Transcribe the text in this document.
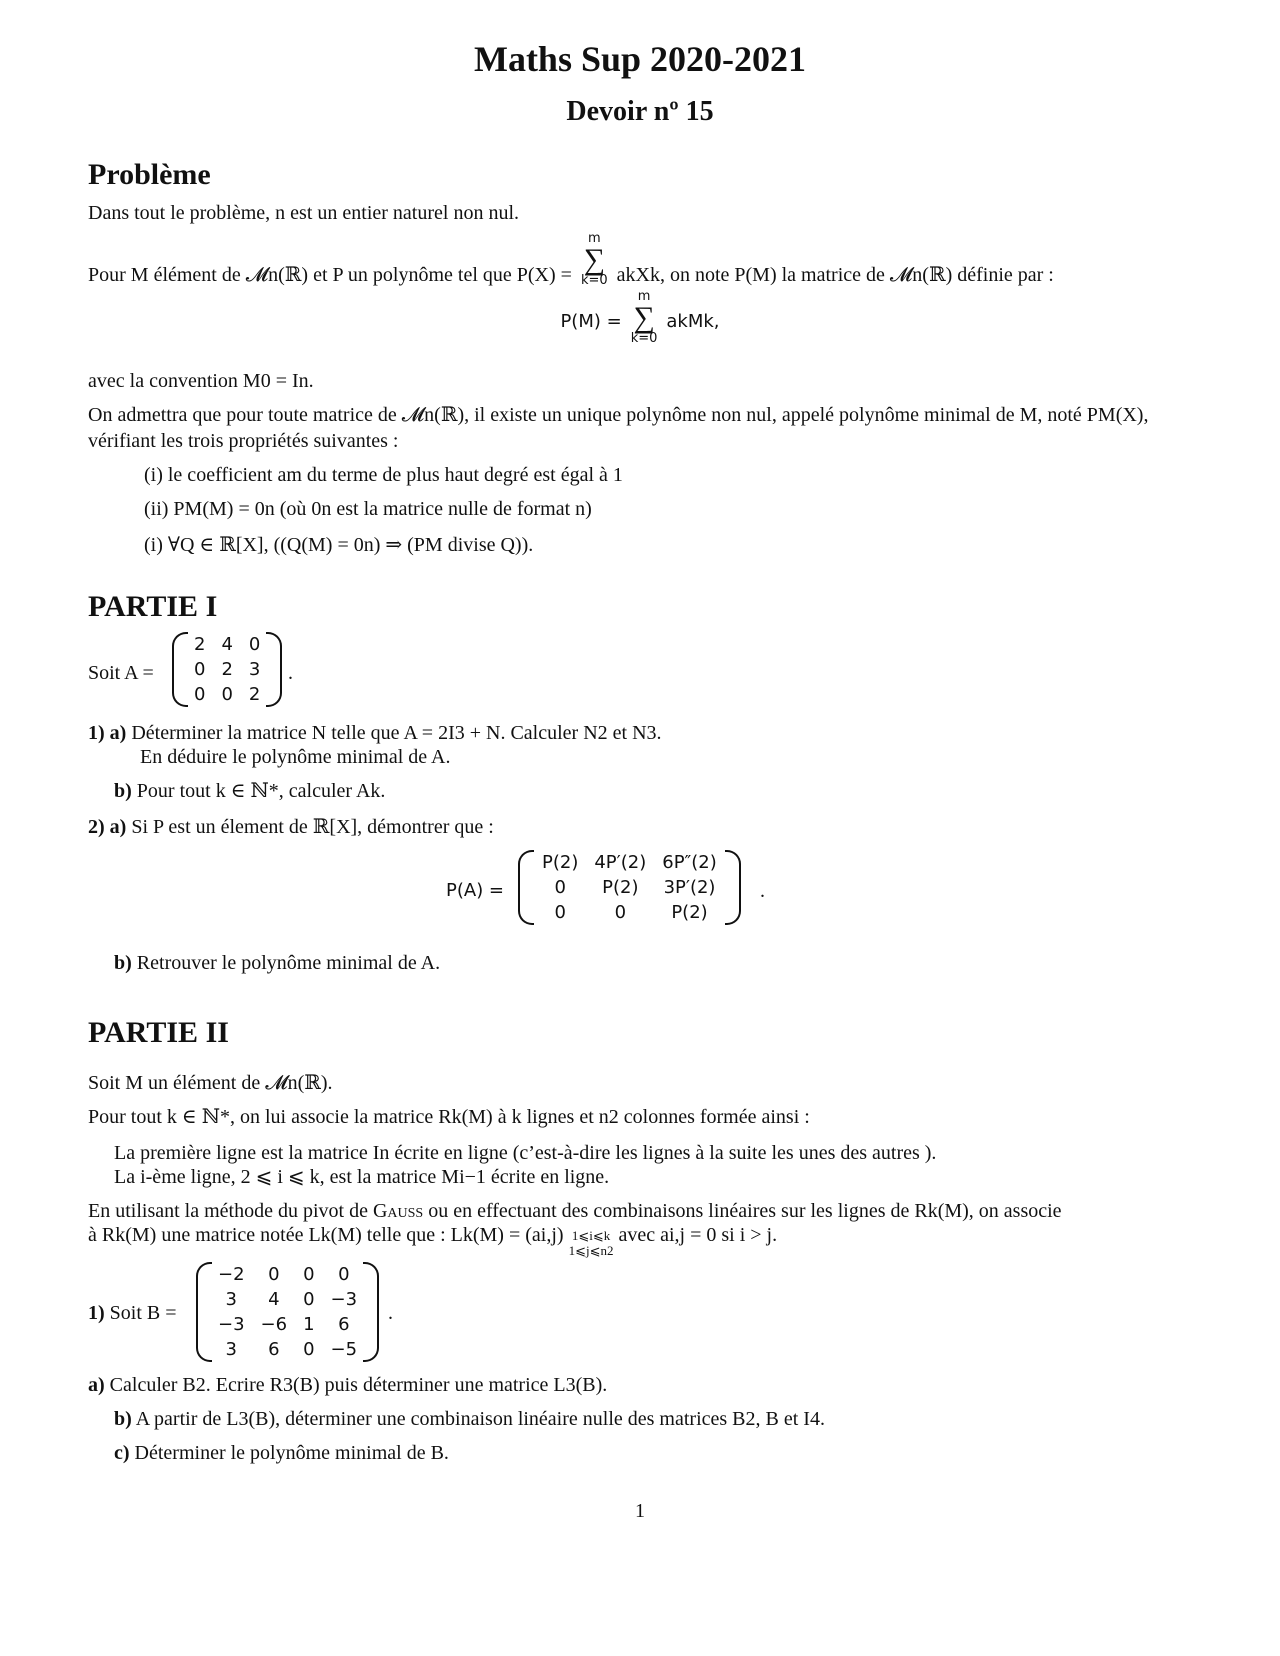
Maths Sup 2020-2021
Devoir nº 15
Problème
Dans tout le problème, n est un entier naturel non nul.
Pour M élément de 𝓜n(ℝ) et P un polynôme tel que P(X) =
m
∑
k=0 akXk, on note P(M) la matrice de 𝓜n(ℝ) définie par :
P(M) =
m
∑
k=0
akMk,
avec la convention M0 = In.
On admettra que pour toute matrice de 𝓜n(ℝ), il existe un unique polynôme non nul, appelé polynôme minimal de M, noté PM(X), vérifiant les trois propriétés suivantes :
(i) le coefficient am du terme de plus haut degré est égal à 1
(ii) PM(M) = 0n (où 0n est la matrice nulle de format n)
(i) ∀Q ∈ ℝ[X], ((Q(M) = 0n) ⇒ (PM divise Q)).
PARTIE I
Soit A =
2	4	0
0	2	3
0	0	2
.
1) a) Déterminer la matrice N telle que A = 2I3 + N. Calculer N2 et N3.
En déduire le polynôme minimal de A.
b) Pour tout k ∈ ℕ*, calculer Ak.
2) a) Si P est un élement de ℝ[X], démontrer que :
P(A) =
P(2)	4P′(2)	6P″(2)
0	P(2)	3P′(2)
0	0	P(2)
.
b) Retrouver le polynôme minimal de A.
PARTIE II
Soit M un élément de 𝓜n(ℝ).
Pour tout k ∈ ℕ*, on lui associe la matrice Rk(M) à k lignes et n2 colonnes formée ainsi :
La première ligne est la matrice In écrite en ligne (c’est-à-dire les lignes à la suite les unes des autres ).
La i-ème ligne, 2 ⩽ i ⩽ k, est la matrice Mi−1 écrite en ligne.
En utilisant la méthode du pivot de Gauss ou en effectuant des combinaisons linéaires sur les lignes de Rk(M), on associe
à Rk(M) une matrice notée Lk(M) telle que : Lk(M) = (ai,j) 1⩽i⩽k
1⩽j⩽n2
avec ai,j = 0 si i > j.
1) Soit B =
−2	0	0	0
3	4	0	−3
−3	−6	1	6
3	6	0	−5
.
a) Calculer B2. Ecrire R3(B) puis déterminer une matrice L3(B).
b) A partir de L3(B), déterminer une combinaison linéaire nulle des matrices B2, B et I4.
c) Déterminer le polynôme minimal de B.
1
